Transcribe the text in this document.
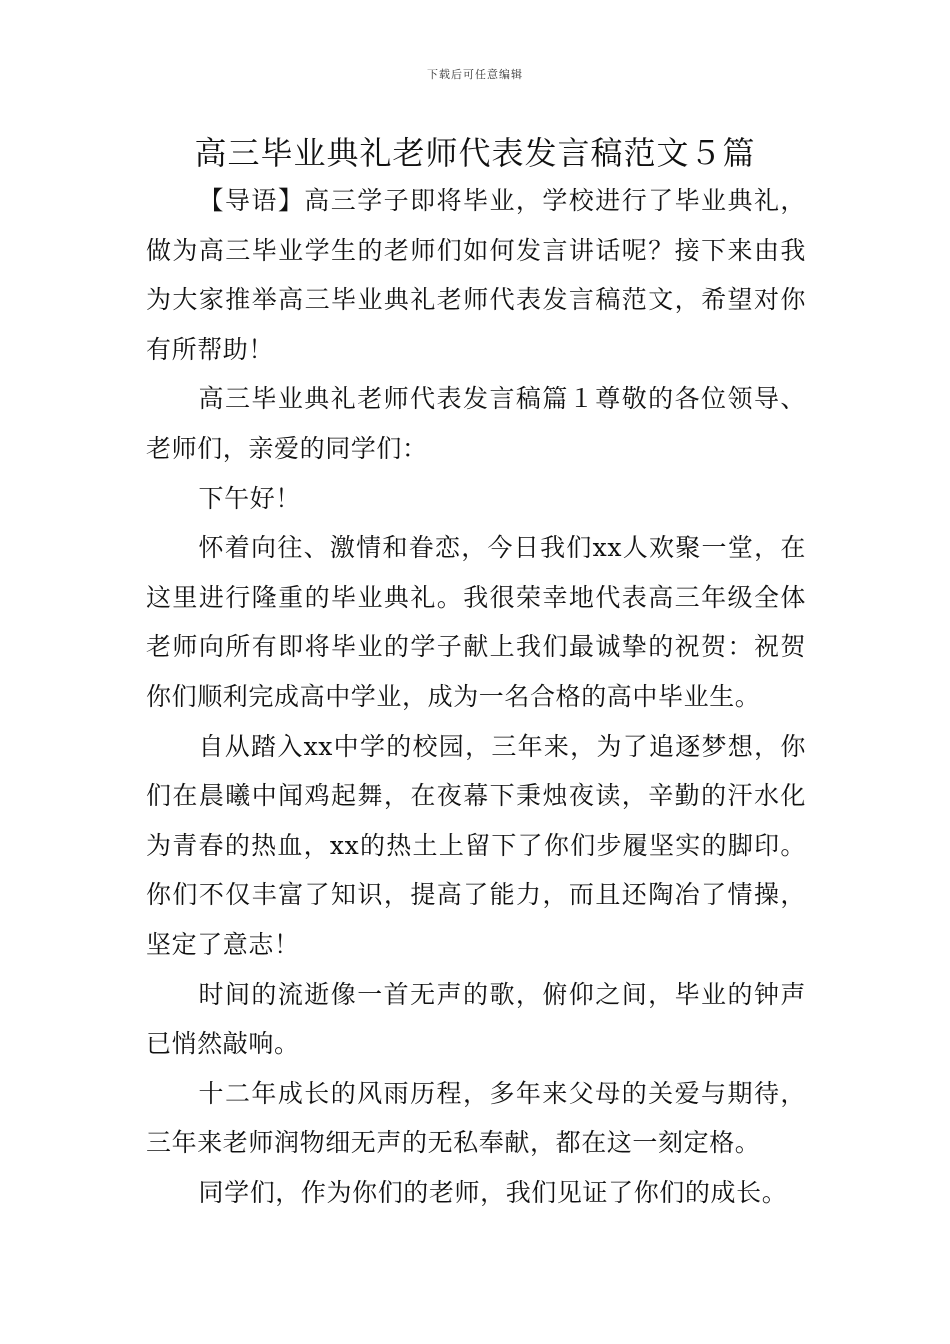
下载后可任意编辑
高三毕业典礼老师代表发言稿范文５篇

【导语】高三学子即将毕业，学校进行了毕业典礼，做为高三毕业学生的老师们如何发言讲话呢？接下来由我为大家推举高三毕业典礼老师代表发言稿范文，希望对你有所帮助！

高三毕业典礼老师代表发言稿篇１尊敬的各位领导、老师们，亲爱的同学们：

下午好！

怀着向往、激情和眷恋，今日我们xx人欢聚一堂，在这里进行隆重的毕业典礼。我很荣幸地代表高三年级全体老师向所有即将毕业的学子献上我们最诚挚的祝贺：祝贺你们顺利完成高中学业，成为一名合格的高中毕业生。

自从踏入xx中学的校园，三年来，为了追逐梦想，你们在晨曦中闻鸡起舞，在夜幕下秉烛夜读，辛勤的汗水化为青春的热血，xx的热土上留下了你们步履坚实的脚印。你们不仅丰富了知识，提高了能力，而且还陶冶了情操，坚定了意志！

时间的流逝像一首无声的歌，俯仰之间，毕业的钟声已悄然敲响。

十二年成长的风雨历程，多年来父母的关爱与期待，三年来老师润物细无声的无私奉献，都在这一刻定格。

同学们，作为你们的老师，我们见证了你们的成长。
